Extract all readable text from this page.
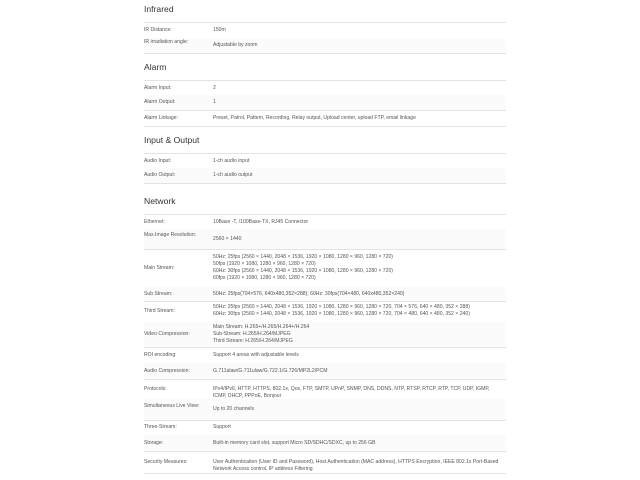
Infrared
IR Distance:	150m
IR irradiation angle:	Adjustable by zoom
Alarm
Alarm Input:	2
Alarm Output:	1
Alarm Linkage:	Preset, Patrol, Pattern, Recording, Relay output, Upload center, upload FTP, email linkage
Input & Output
Audio Input:	1-ch audio input
Audio Output:	1-ch audio output
Network
Ethernet:	10Base -T, /100Base-TX, RJ45 Connector
Max.Image Resolution:
2560 × 1440
Main Stream:
50Hz: 25fps (2560 × 1440, 2048 × 1536, 1920 × 1080, 1280 × 960, 1280 × 720)
50fps (1920 × 1080, 1280 × 960, 1280 × 720)
60Hz: 30fps (2560 × 1440, 2048 × 1536, 1920 × 1080, 1280 × 960, 1280 × 720)
60fps (1920 × 1080, 1280 × 960, 1280 × 720)
Sub Stream:	50Hz: 25fps(704×576, 640x480,352×288); 60Hz: 30fps(704×480, 640x480,352×240)
Third Stream:
50Hz: 25fps (2560 × 1440, 2048 × 1536, 1920 × 1080, 1280 × 960, 1280 × 720, 704 × 576, 640 × 480, 352 × 288)
60Hz: 30fps (2560 × 1440, 2048 × 1536, 1920 × 1080, 1280 × 960, 1280 × 720, 704 × 480, 640 × 480, 352 × 240)
Video Compression:
Main Stream: H.265+/H.265/H.264+/H.264
Sub-Stream: H.265/H.264/MJPEG
Third Stream: H.265/H.264/MJPEG
ROI encoding:	Support 4 areas with adjustable levels
Audio Compression:	G.711alaw/G.711ulaw/G.722.1/G.726/MP2L2/PCM
Protocols:	IPv4/IPv6, HTTP, HTTPS, 802.1x, Qos, FTP, SMTP, UPnP, SNMP, DNS, DDNS, NTP, RTSP, RTCP, RTP, TCP, UDP, IGMP, ICMP, DHCP, PPPoE, Bonjour
Simultaneous Live View:	Up to 20 channels
Three-Stream:	Support
Storage:	Built-in memory card slot, support Micro SD/SDHC/SDXC, up to 256 GB
Security Measures:	User Authentication (User ID and Password), Host Authentication (MAC address), HTTPS Encryption, IEEE 802.1x Port-Based Network Access control, IP address Filtering
